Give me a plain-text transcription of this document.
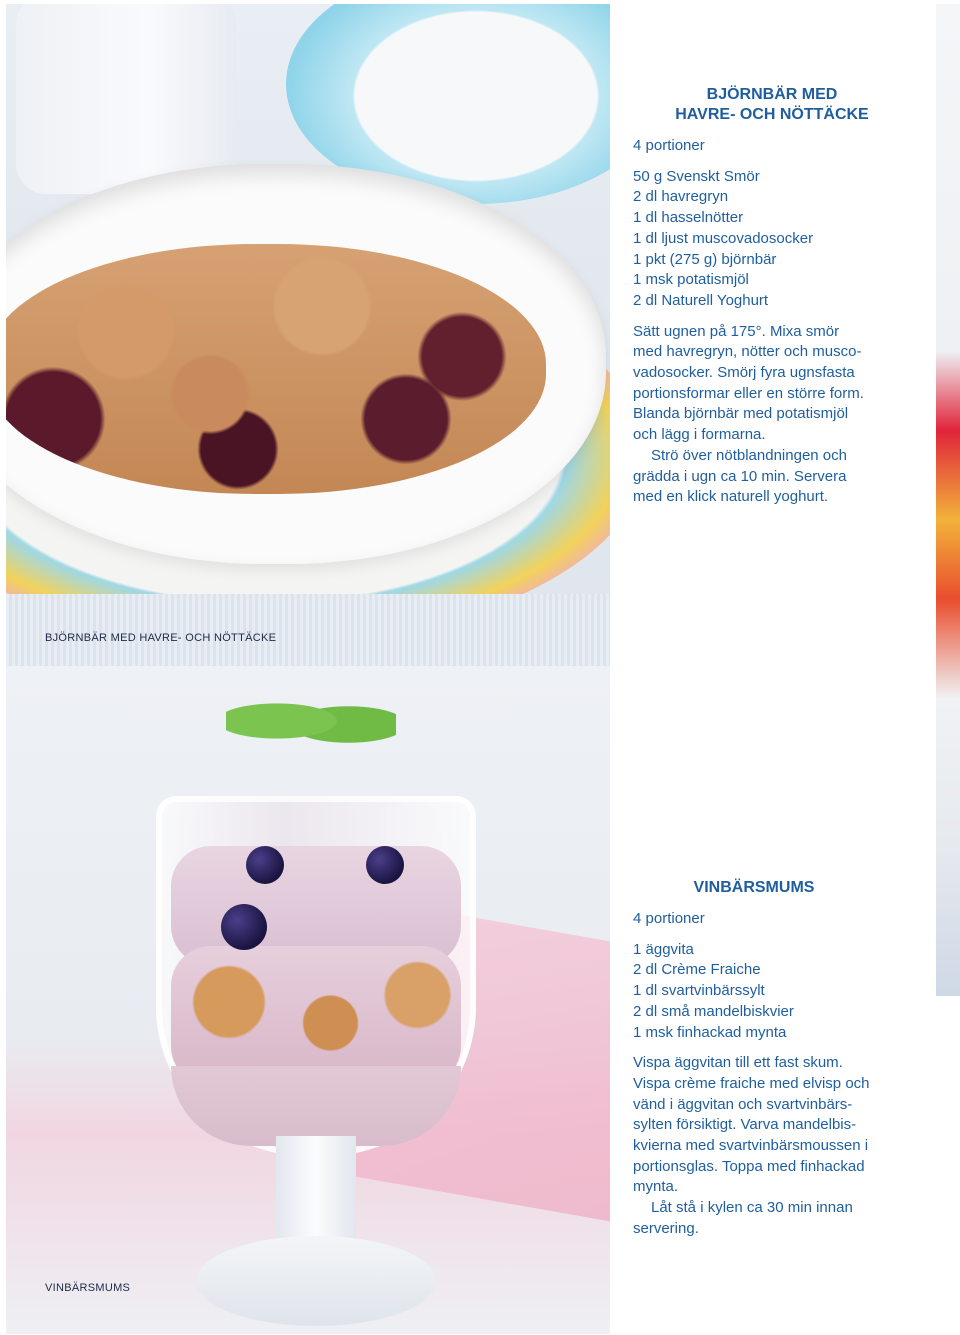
BJÖRNBÄR MED HAVRE- OCH NÖTTÄCKE
VINBÄRSMUMS
BJÖRNBÄR MED
HAVRE- OCH NÖTTÄCKE

4 portioner

50 g Svenskt Smör
2 dl havregryn
1 dl hasselnötter
1 dl ljust muscovadosocker
1 pkt (275 g) björnbär
1 msk potatismjöl
2 dl Naturell Yoghurt

Sätt ugnen på 175°. Mixa smör

med havregryn, nötter och musco-

vadosocker. Smörj fyra ugnsfasta

portionsformar eller en större form.

Blanda björnbär med potatismjöl

och lägg i formarna.

Strö över nötblandningen och

grädda i ugn ca 10 min. Servera

med en klick naturell yoghurt.

VINBÄRSMUMS

4 portioner

1 äggvita
2 dl Crème Fraiche
1 dl svartvinbärssylt
2 dl små mandelbiskvier
1 msk finhackad mynta

Vispa äggvitan till ett fast skum.

Vispa crème fraiche med elvisp och

vänd i äggvitan och svartvinbärs-

sylten försiktigt. Varva mandelbis-

kvierna med svartvinbärsmoussen i

portionsglas. Toppa med finhackad

mynta.

Låt stå i kylen ca 30 min innan

servering.
